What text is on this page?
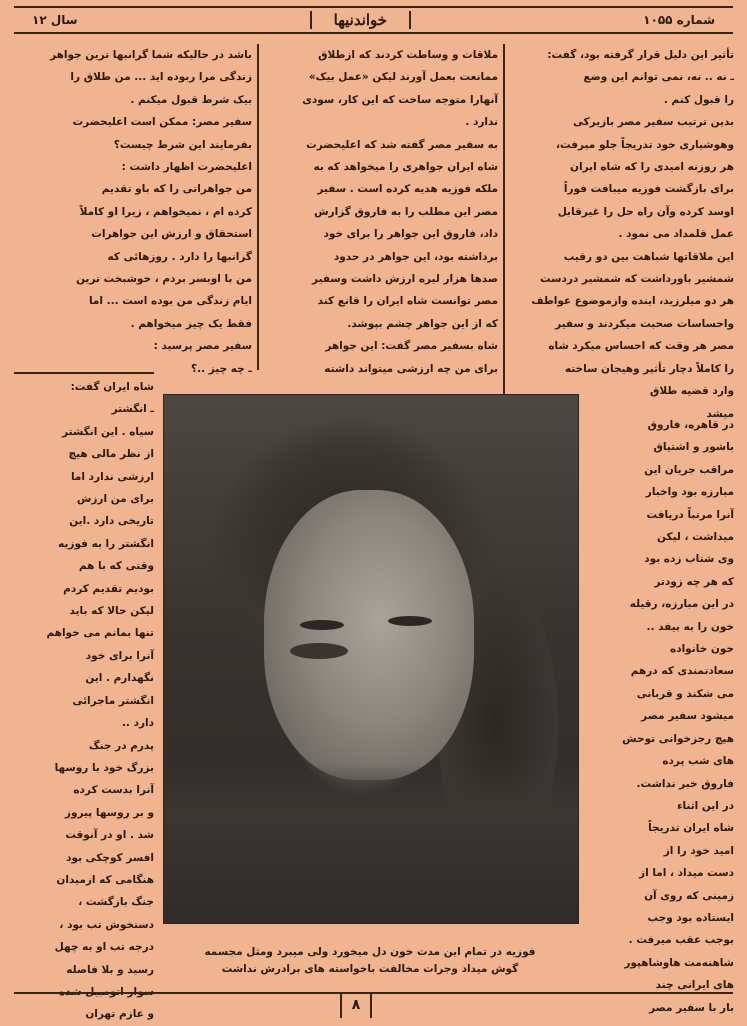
شماره ۱۰۵۵
خواندنیها
سال ۱۲

تأثیر این دلیل قرار گرفته بود، گفت:

ـ نه .. نه، نمی توانم این وضع

را قبول کنم .

بدین ترتیب سفیر مصر بازیرکی

وهوشیاری خود تدریجاً جلو میرفت،

هر روزنه امیدی را که شاه ایران

برای بازگشت فوزیه میبافت فوراً

اوسد کرده وآن راه حل را غیرقابل

عمل قلمداد می نمود .

این ملاقاتها شباهت بین دو رقیب

شمشیر باورداشت که شمشیر دردست

هر دو میلرزید، اینده وازموضوع عواطف

واحساسات صحبت میکردند و سفیر

مصر هر وقت که احساس میکرد شاه

را کاملاً دچار تأثیر وهیجان ساخته

وارد قضیه طلاق

میشد

در قاهره، فاروق

باشور و اشتیاق

مراقب جریان این

مبارزه بود واخبار

آنرا مرتباً دریافت

میداشت ، لیکن

وی شتاب زده بود

که هر چه زودتر

در این مبارزه، رقیله

خون را به بیفد ..

خون خانواده

سعادتمندی که درهم

می شکند و قربانی

میشود سفیر مصر

هیچ رجزخوانی توحش

های شب پرده

فاروق خبر نداشت.

در این اثناء

شاه ایران تدریجاً

امید خود را از

دست میداد ، اما از

زمینی که روی آن

ایستاده بود وجب

بوجب عقب میرفت .

شاهنه‌مت هاوشاهپور

های ایرانی چند

بار با سفیر مصر

ملاقات و وساطت کردند که ازطلاق

ممانعت بعمل آورند لیکن «عمل بیک»

آنهارا متوجه ساخت که این کار، سودی

ندارد .

به سفیر مصر گفته شد که اعلیحضرت

شاه ایران جواهری را میخواهد که به

ملکه فوزیه هدیه کرده است . سفیر

مصر این مطلب را به فاروق گزارش

داد، فاروق این جواهر را برای خود

برداشته بود، این جواهر در حدود

صدها هزار لیره ارزش داشت وسفیر

مصر توانست شاه ایران را قانع کند

که از این جواهر چشم بپوشد.

شاه بسفیر مصر گفت: این جواهر

برای من چه ارزشی میتواند داشته

باشد در حالیکه شما گرانبها ترین جواهر

زندگی مرا ربوده اید ... من طلاق را

بیک شرط قبول میکنم .

سفیر مصر: ممکن است اعلیحضرت

بفرمایند این شرط چیست؟

اعلیحضرت اظهار داشت :

من جواهراتی را که باو تقدیم

کرده ام ، نمیخواهم ، زیرا او کاملاً

استحقاق و ارزش این جواهرات

گرانبها را دارد . روزهائی که

من با اوبسر بردم ، خوشبخت ترین

ایام زندگی من بوده است ... اما

فقط یک چیز میخواهم .

سفیر مصر پرسید :

ـ چه چیز ..؟

شاه ایران گفت:

ـ انگشتر

سیاه . این انگشتر

از نظر مالی هیچ

ارزشی ندارد اما

برای من ارزش

تاریخی دارد .این

انگشتر را به فوزیه

وقتی که با هم

بودیم تقدیم کردم

لیکن حالا که باید

تنها بمانم می خواهم

آنرا برای خود

نگهدارم . این

انگشتر ماجرائی

دارد ..

پدرم در جنگ

بزرگ خود با روسها

آنرا بدست کرده

و بر روسها پیروز

شد . او در آنوقت

افسر کوچکی بود

هنگامی که ازمیدان

جنگ بازگشت ،

دستخوش تب بود ،

درجه تب او به چهل

رسید و بلا فاصله

سوار اتومبیل شده

و عازم تهران

فوزیه در تمام این مدت خون دل میخورد ولی میبرد ومثل مجسمه
گوش میداد وجرات مخالفت باخواسته های برادرش نداشت
۸
